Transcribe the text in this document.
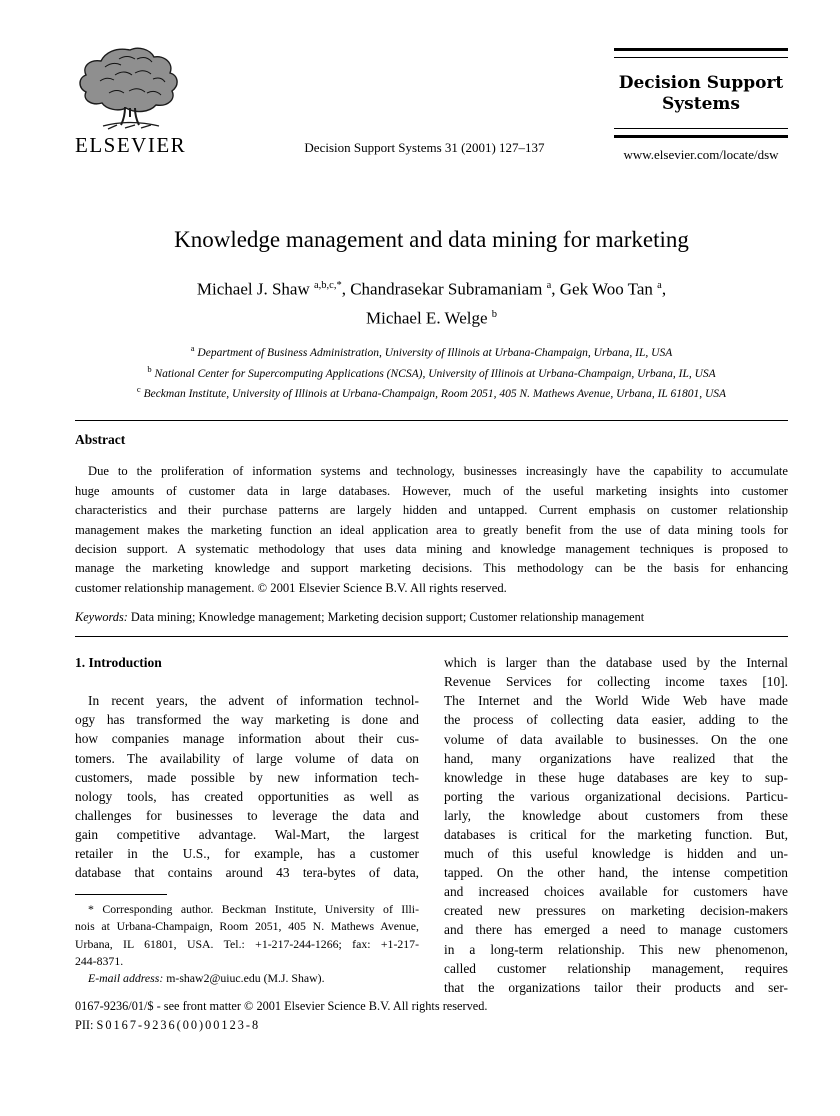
ELSEVIER	Decision Support Systems 31 (2001) 127–137
Decision Support
Systems
www.elsevier.com/locate/dsw
Knowledge management and data mining for marketing
Michael J. Shaw $^{a,b,c,*}$, Chandrasekar Subramaniam $^a$, Gek Woo Tan $^a$,
Michael E. Welge $^b$
$^a$ Department of Business Administration, University of Illinois at Urbana-Champaign, Urbana, IL, USA
$^b$ National Center for Supercomputing Applications (NCSA), University of Illinois at Urbana-Champaign, Urbana, IL, USA
$^c$ Beckman Institute, University of Illinois at Urbana-Champaign, Room 2051, 405 N. Mathews Avenue, Urbana, IL 61801, USA
Abstract
Due to the proliferation of information systems and technology, businesses increasingly have the capability to accumulate
huge amounts of customer data in large databases. However, much of the useful marketing insights into customer
characteristics and their purchase patterns are largely hidden and untapped. Current emphasis on customer relationship
management makes the marketing function an ideal application area to greatly benefit from the use of data mining tools for
decision support. A systematic methodology that uses data mining and knowledge management techniques is proposed to
manage the marketing knowledge and support marketing decisions. This methodology can be the basis for enhancing
customer relationship management. © 2001 Elsevier Science B.V. All rights reserved.
Keywords: Data mining; Knowledge management; Marketing decision support; Customer relationship management
1. Introduction
In recent years, the advent of information technol-
ogy has transformed the way marketing is done and
how companies manage information about their cus-
tomers. The availability of large volume of data on
customers, made possible by new information tech-
nology tools, has created opportunities as well as
challenges for businesses to leverage the data and
gain competitive advantage. Wal-Mart, the largest
retailer in the U.S., for example, has a customer
database that contains around 43 tera-bytes of data,
* Corresponding author. Beckman Institute, University of Illi-
nois at Urbana-Champaign, Room 2051, 405 N. Mathews Avenue,
Urbana, IL 61801, USA. Tel.: +1-217-244-1266; fax: +1-217-
244-8371.
E-mail address: m-shaw2@uiuc.edu (M.J. Shaw).
which is larger than the database used by the Internal
Revenue Services for collecting income taxes [10].
The Internet and the World Wide Web have made
the process of collecting data easier, adding to the
volume of data available to businesses. On the one
hand, many organizations have realized that the
knowledge in these huge databases are key to sup-
porting the various organizational decisions. Particu-
larly, the knowledge about customers from these
databases is critical for the marketing function. But,
much of this useful knowledge is hidden and un-
tapped. On the other hand, the intense competition
and increased choices available for customers have
created new pressures on marketing decision-makers
and there has emerged a need to manage customers
in a long-term relationship. This new phenomenon,
called customer relationship management, requires
that the organizations tailor their products and ser-
0167-9236/01/$ - see front matter © 2001 Elsevier Science B.V. All rights reserved.
PII: S0167-9236(00)00123-8
